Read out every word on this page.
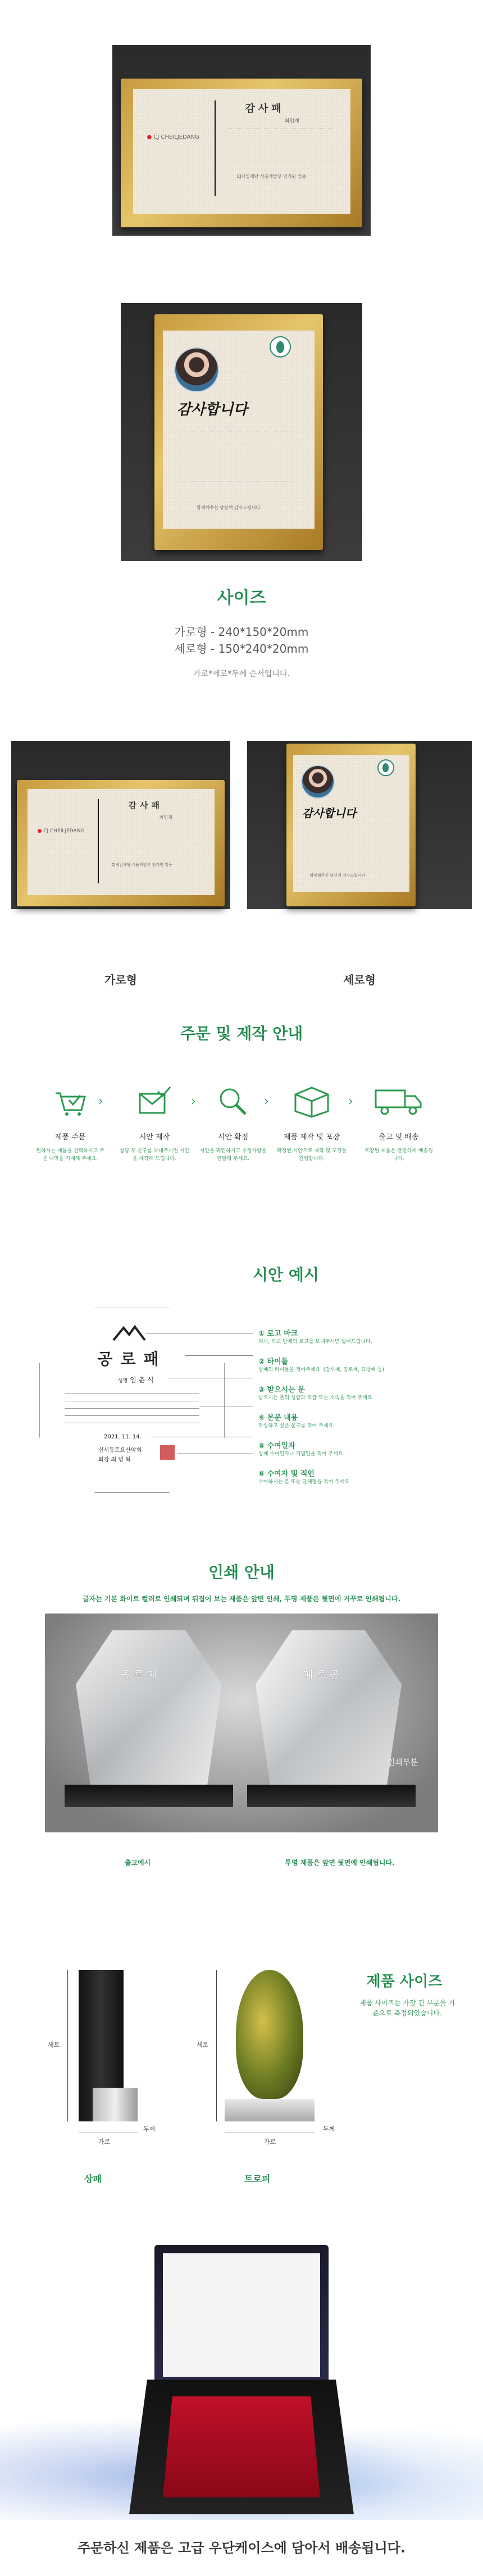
● CJ CHEILJEDANG
감사패
최인재
CJ제일제당 식품개발부 임직원 일동
감사합니다
함께해주신 당신께 감사드립니다
사이즈
가로형 - 240*150*20mm
세로형 - 150*240*20mm
가로*세로*두께 순서입니다.
● CJ CHEILJEDANG
감사패
최인재
CJ제일제당 식품개발부 임직원 일동
감사합니다
함께해주신 당신께 감사드립니다
가로형	세로형
주문 및 제작 안내
›	›	›	›
제품 주문	시안 제작	시안 확정	제품 제작 및 포장	출고 및 배송
원하시는 제품을 선택하시고 주문 내역을 기재해 주세요.
상담 후 문구를 보내주시면 시안을 제작해 드립니다.
시안을 확인하시고 수정사항을 전달해 주세요.
확정된 시안으로 제작 및 포장을 진행합니다.
포장된 제품은 안전하게 배송됩니다.
시안 예시
공로패
성명 임 춘 식
2021. 11. 14.
신서동토요산악회
회장 최 명 혁
① 로고 마크
회사, 학교 단체의 로고를 보내주시면 넣어드립니다.
② 타이틀
상패의 타이틀을 적어주세요. (감사패, 공로패, 표창패 등)
③ 받으시는 분
받으시는 분의 성함과 직급 또는 소속을 적어 주세요.
④ 본문 내용
작성하고 싶은 문구를 적어 주세요.
⑤ 수여일자
상패 수여일자나 기념일을 적어 주세요.
⑥ 수여자 및 직인
수여하시는 분 또는 단체명을 적어 주세요.
인쇄 안내
글자는 기본 화이트 컬러로 인쇄되며 뒤집어 보는 제품은 앞면 인쇄, 투명 제품은 뒷면에 거꾸로 인쇄됩니다.
공로패	패로공
인쇄부분
출고예시	투명 제품은 앞면 뒷면에 인쇄됩니다.
세로
가로
두께
상패
세로
가로
두께
트로피
제품 사이즈
제품 사이즈는 가장 긴 부분을 기준으로 측정되었습니다.
주문하신 제품은 고급 우단케이스에 담아서 배송됩니다.
